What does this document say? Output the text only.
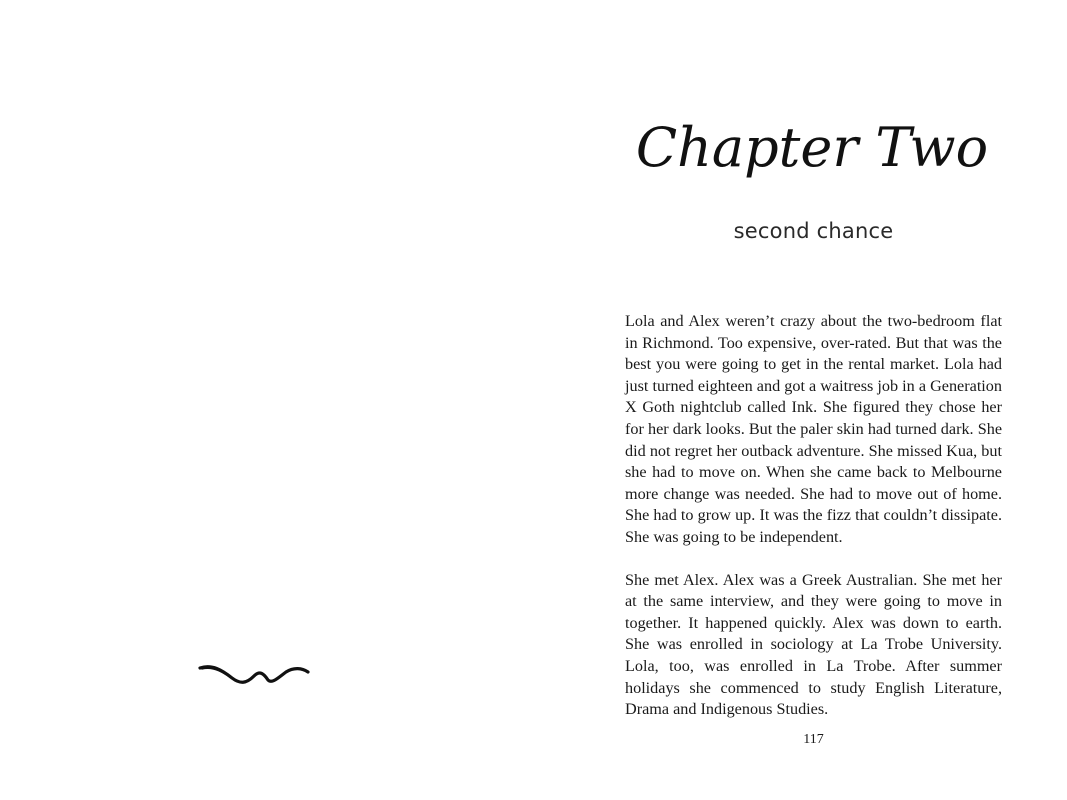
Chapter Two
second chance

Lola and Alex weren’t crazy about the two-bedroom flat in Richmond. Too expensive, over-rated. But that was the best you were going to get in the rental market. Lola had just turned eighteen and got a waitress job in a Generation X Goth nightclub called Ink. She figured they chose her for her dark looks. But the paler skin had turned dark. She did not regret her outback adventure. She missed Kua, but she had to move on. When she came back to Melbourne more change was needed. She had to move out of home. She had to grow up. It was the fizz that couldn’t dissipate. She was going to be independent.

She met Alex. Alex was a Greek Australian. She met her at the same interview, and they were going to move in together. It happened quickly. Alex was down to earth. She was enrolled in sociology at La Trobe University. Lola, too, was enrolled in La Trobe. After summer holidays she commenced to study English Literature, Drama and Indigenous Studies.

117
